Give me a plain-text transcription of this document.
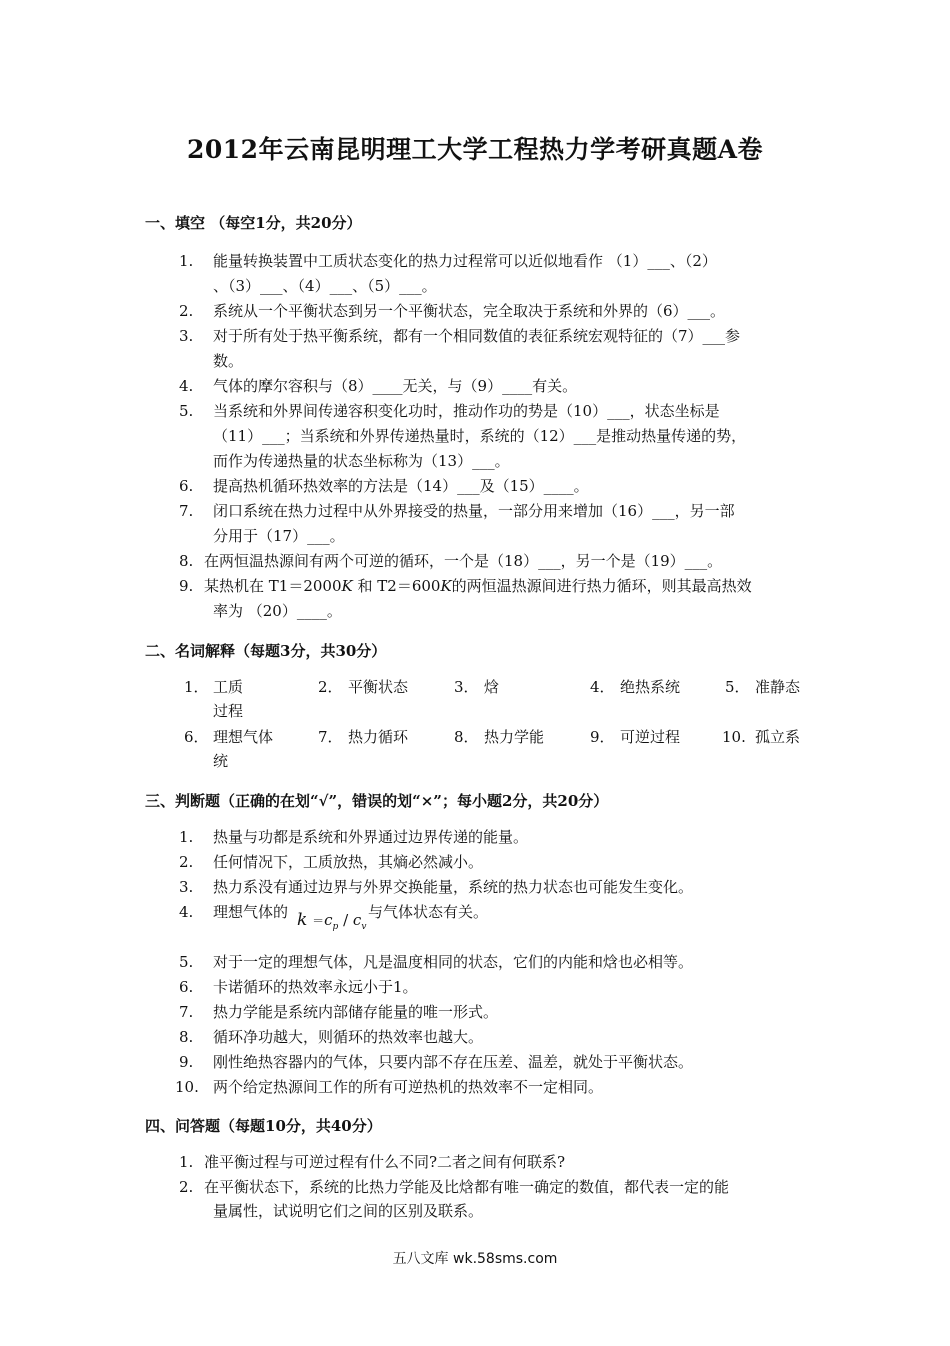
2012年云南昆明理工大学工程热力学考研真题A卷
一、填空 （每空1分，共20分）
1. 能量转换装置中工质状态变化的热力过程常可以近似地看作 （1）___、（2）
、（3）___、（4）___、（5）___。
2. 系统从一个平衡状态到另一个平衡状态，完全取决于系统和外界的（6）___。
3. 对于所有处于热平衡系统，都有一个相同数值的表征系统宏观特征的（7）___参
数。
4. 气体的摩尔容积与（8）____无关，与（9）____有关。
5. 当系统和外界间传递容积变化功时，推动作功的势是（10）___，状态坐标是
（11）___；当系统和外界传递热量时，系统的（12）___是推动热量传递的势，
而作为传递热量的状态坐标称为（13）___。
6. 提高热机循环热效率的方法是（14）___及（15）____。
7. 闭口系统在热力过程中从外界接受的热量，一部分用来增加（16）___，另一部
分用于（17）___。
8. 在两恒温热源间有两个可逆的循环，一个是（18）___，另一个是（19）___。
9. 某热机在 T1＝2000K 和 T2＝600K的两恒温热源间进行热力循环，则其最高热效
率为 （20）____。
二、名词解释（每题3分，共30分）
1． 工质	2． 平衡状态	3． 焓	4． 绝热系统	5． 准静态
过程
6． 理想气体	7． 热力循环	8． 热力学能	9． 可逆过程	10. 孤立系
统
三、判断题（正确的在划“√”，错误的划“×”；每小题2分，共20分）
1. 热量与功都是系统和外界通过边界传递的能量。
2. 任何情况下，工质放热，其熵必然减小。
3. 热力系没有通过边界与外界交换能量，系统的热力状态也可能发生变化。
4. 理想气体的 $k =c_p / c_v$
与气体状态有关。
5. 对于一定的理想气体，凡是温度相同的状态，它们的内能和焓也必相等。
6. 卡诺循环的热效率永远小于1。
7. 热力学能是系统内部储存能量的唯一形式。
8. 循环净功越大，则循环的热效率也越大。
9. 刚性绝热容器内的气体，只要内部不存在压差、温差，就处于平衡状态。
10. 两个给定热源间工作的所有可逆热机的热效率不一定相同。
四、问答题（每题10分，共40分）
1. 准平衡过程与可逆过程有什么不同?二者之间有何联系?
2. 在平衡状态下，系统的比热力学能及比焓都有唯一确定的数值，都代表一定的能
量属性，试说明它们之间的区别及联系。
五八文库 wk.58sms.com
